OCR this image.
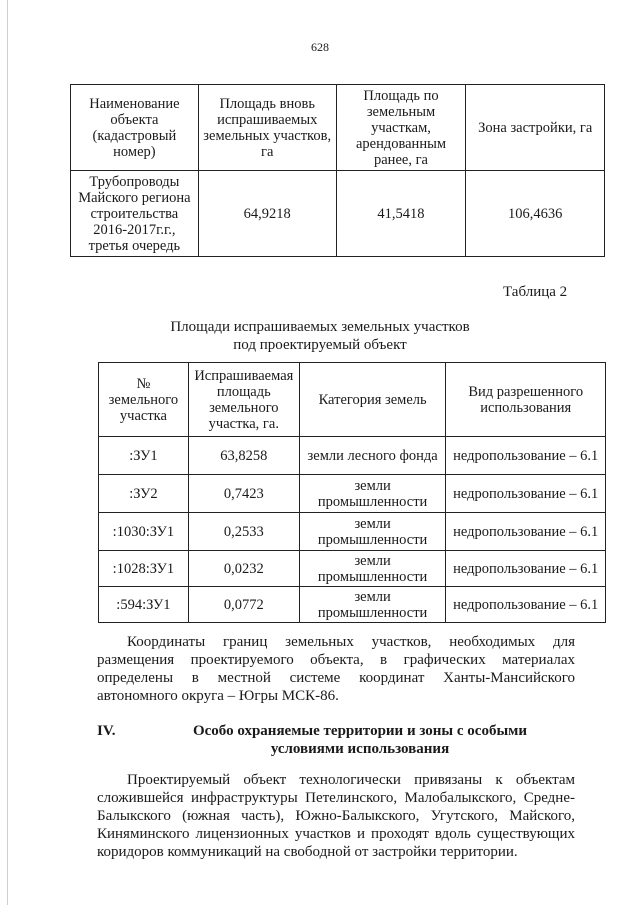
628
Наименование объекта (кадастровый номер)	Площадь вновь испрашиваемых земельных участков, га	Площадь по земельным участкам, арендованным ранее, га	Зона застройки, га
Трубопроводы Майского региона строительства 2016-2017г.г., третья очередь	64,9218	41,5418	106,4636
Таблица 2
Площади испрашиваемых земельных участков
под проектируемый объект
№ земельного участка	Испрашиваемая площадь земельного участка, га.	Категория земель	Вид разрешенного использования
:ЗУ1	63,8258	земли лесного фонда	недропользование – 6.1
:ЗУ2	0,7423	земли промышленности	недропользование – 6.1
:1030:ЗУ1	0,2533	земли промышленности	недропользование – 6.1
:1028:ЗУ1	0,0232	земли промышленности	недропользование – 6.1
:594:ЗУ1	0,0772	земли промышленности	недропользование – 6.1
Координаты границ земельных участков, необходимых для размещения проектируемого объекта, в графических материалах определены в местной системе координат Ханты-Мансийского автономного округа – Югры МСК-86.
IV.	Особо охраняемые территории и зоны с особыми условиями использования
Проектируемый объект технологически привязаны к объектам сложившейся инфраструктуры Петелинского, Малобалыкского, Средне-Балыкского (южная часть), Южно-Балыкского, Угутского, Майского, Киняминского лицензионных участков и проходят вдоль существующих коридоров коммуникаций на свободной от застройки территории.
